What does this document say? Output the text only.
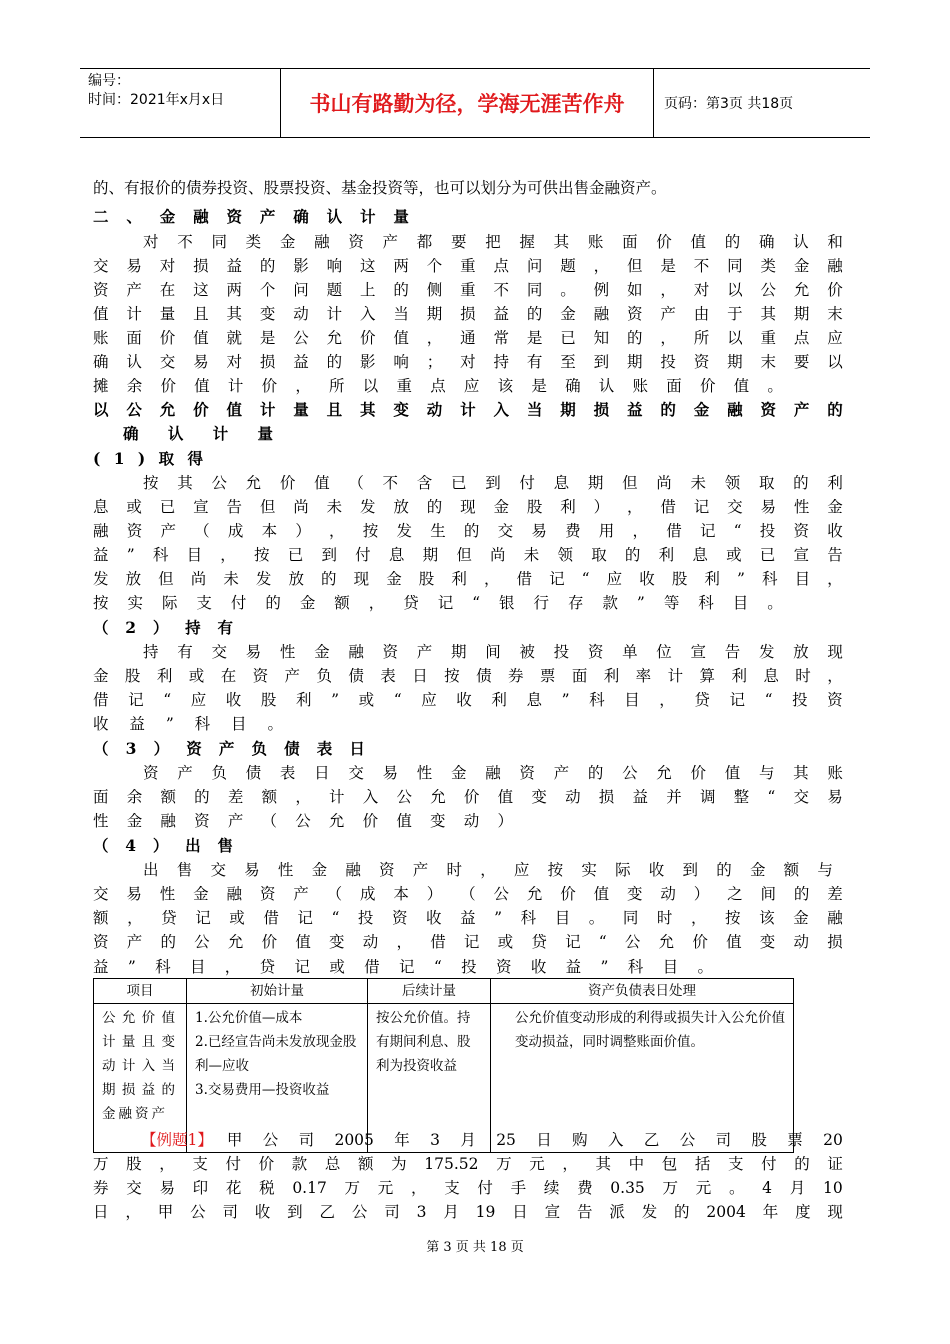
编号：
时间：2021年x月x日	书山有路勤为径，学海无涯苦作舟	页码：第3页 共18页
的、有报价的债券投资、股票投资、基金投资等，也可以划分为可供出售金融资产。
二 、 金 融 资 产 确 认 计 量
对 不 同 类 金 融 资 产 都 要 把 握 其 账 面 价 值 的 确 认 和
交 易 对 损 益 的 影 响 这 两 个 重 点 问 题 ， 但 是 不 同 类 金 融
资 产 在 这 两 个 问 题 上 的 侧 重 不 同 。 例 如 ， 对 以 公 允 价
值 计 量 且 其 变 动 计 入 当 期 损 益 的 金 融 资 产 由 于 其 期 末
账 面 价 值 就 是 公 允 价 值 ， 通 常 是 已 知 的 ， 所 以 重 点 应
确 认 交 易 对 损 益 的 影 响 ； 对 持 有 至 到 期 投 资 期 末 要 以
摊 余 价 值 计 价 ， 所 以 重 点 应 该 是 确 认 账 面 价 值 。
以 公 允 价 值 计 量 且 其 变 动 计 入 当 期 损 益 的 金 融 资 产 的
确 认 计 量
( 1 ) 取 得
按 其 公 允 价 值 （ 不 含 已 到 付 息 期 但 尚 未 领 取 的 利
息 或 已 宣 告 但 尚 未 发 放 的 现 金 股 利 ） ， 借 记 交 易 性 金
融 资 产 （ 成 本 ） ， 按 发 生 的 交 易 费 用 ， 借 记 “ 投 资 收
益 ” 科 目 ， 按 已 到 付 息 期 但 尚 未 领 取 的 利 息 或 已 宣 告
发 放 但 尚 未 发 放 的 现 金 股 利 ， 借 记 “ 应 收 股 利 ” 科 目 ，
按 实 际 支 付 的 金 额 ， 贷 记 “ 银 行 存 款 ” 等 科 目 。
（ 2 ） 持 有
持 有 交 易 性 金 融 资 产 期 间 被 投 资 单 位 宣 告 发 放 现
金 股 利 或 在 资 产 负 债 表 日 按 债 券 票 面 利 率 计 算 利 息 时 ，
借 记 “ 应 收 股 利 ” 或 “ 应 收 利 息 ” 科 目 ， 贷 记 “ 投 资
收 益 ” 科 目 。
（ 3 ） 资 产 负 债 表 日
资 产 负 债 表 日 交 易 性 金 融 资 产 的 公 允 价 值 与 其 账
面 余 额 的 差 额 ， 计 入 公 允 价 值 变 动 损 益 并 调 整 “ 交 易
性 金 融 资 产 （ 公 允 价 值 变 动 ）
（ 4 ） 出 售
出 售 交 易 性 金 融 资 产 时 ， 应 按 实 际 收 到 的 金 额 与
交 易 性 金 融 资 产 （ 成 本 ） （ 公 允 价 值 变 动 ） 之 间 的 差
额 ， 贷 记 或 借 记 “ 投 资 收 益 ” 科 目 。 同 时 ， 按 该 金 融
资 产 的 公 允 价 值 变 动 ， 借 记 或 贷 记 “ 公 允 价 值 变 动 损
益 ” 科 目 ， 贷 记 或 借 记 “ 投 资 收 益 ” 科 目 。
项目	初始计量	后续计量	资产负债表日处理
公允价值计量且变动计入当期损益的金融资产	1.公允价值—成本
2.已经宣告尚未发放现金股利—应收
3.交易费用—投资收益	按公允价值。持有期间利息、股利为投资收益	公允价值变动形成的利得或损失计入公允价值变动损益，同时调整账面价值。
【例题1】 甲 公 司 2005 年 3 月 25 日 购 入 乙 公 司 股 票 20
万 股 ， 支 付 价 款 总 额 为 175.52 万 元 ， 其 中 包 括 支 付 的 证
券 交 易 印 花 税 0.17 万 元 ， 支 付 手 续 费 0.35 万 元 。 4 月 10
日 ， 甲 公 司 收 到 乙 公 司 3 月 19 日 宣 告 派 发 的 2004 年 度 现
第 3 页 共 18 页
